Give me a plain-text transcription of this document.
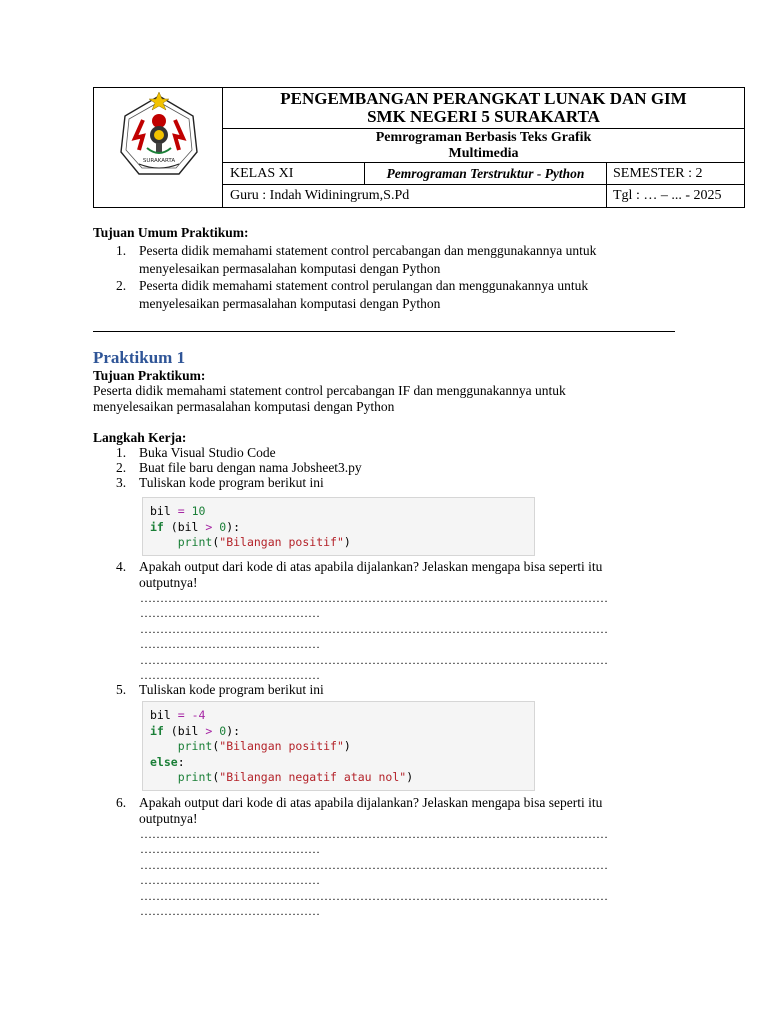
SURAKARTA
PENGEMBANGAN PERANGKAT LUNAK DAN GIM
SMK NEGERI 5 SURAKARTA
Pemrograman Berbasis Teks Grafik
Multimedia
KELAS XI	Pemrograman Terstruktur - Python	SEMESTER : 2
Guru : Indah Widiningrum,S.Pd	Tgl : … – ... - 2025
Tujuan Umum Praktikum:
1. Peserta didik memahami statement control percabangan dan menggunakannya untuk
menyelesaikan permasalahan komputasi dengan Python
2. Peserta didik memahami statement control perulangan dan menggunakannya untuk
menyelesaikan permasalahan komputasi dengan Python
Praktikum 1
Tujuan Praktikum:
Peserta didik memahami statement control percabangan IF dan menggunakannya untuk
menyelesaikan permasalahan komputasi dengan Python
Langkah Kerja:
1. Buka Visual Studio Code
2. Buat file baru dengan nama Jobsheet3.py
3. Tuliskan kode program berikut ini
bil = 10
if (bil > 0):
print("Bilangan positif")
4. Apakah output dari kode di atas apabila dijalankan? Jelaskan mengapa bisa seperti itu
outputnya!
………………………………………………………………………………………………………
………………………………………
………………………………………………………………………………………………………
………………………………………
………………………………………………………………………………………………………
………………………………………
5. Tuliskan kode program berikut ini
bil = -4
if (bil > 0):
print("Bilangan positif")
else:
print("Bilangan negatif atau nol")
6. Apakah output dari kode di atas apabila dijalankan? Jelaskan mengapa bisa seperti itu
outputnya!
………………………………………………………………………………………………………
………………………………………
………………………………………………………………………………………………………
………………………………………
………………………………………………………………………………………………………
………………………………………
